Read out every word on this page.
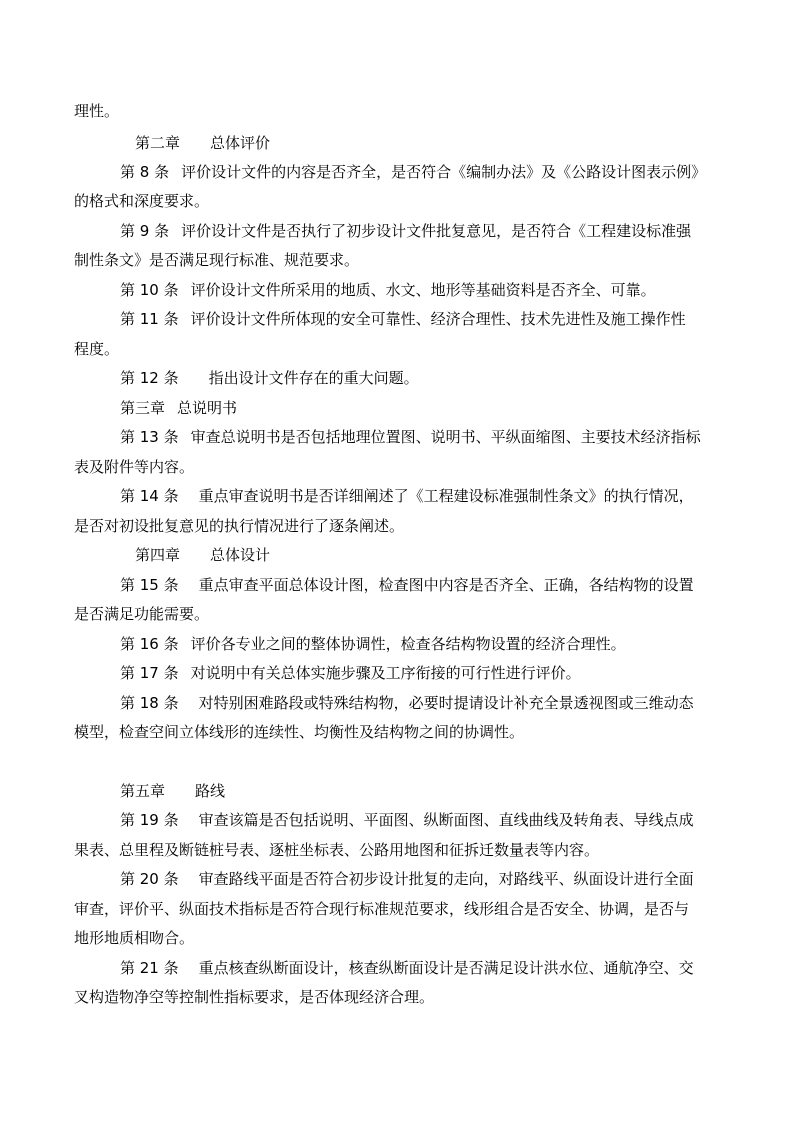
理性。
第二章 总体评价
第 8 条 评价设计文件的内容是否齐全，是否符合《编制办法》及《公路设计图表示例》
的格式和深度要求。
第 9 条 评价设计文件是否执行了初步设计文件批复意见，是否符合《工程建设标准强
制性条文》是否满足现行标准、规范要求。
第 10 条 评价设计文件所采用的地质、水文、地形等基础资料是否齐全、可靠。
第 11 条 评价设计文件所体现的安全可靠性、经济合理性、技术先进性及施工操作性
程度。
第 12 条 指出设计文件存在的重大问题。
第三章 总说明书
第 13 条 审查总说明书是否包括地理位置图、说明书、平纵面缩图、主要技术经济指标
表及附件等内容。
第 14 条 重点审查说明书是否详细阐述了《工程建设标准强制性条文》的执行情况，
是否对初设批复意见的执行情况进行了逐条阐述。
第四章 总体设计
第 15 条 重点审查平面总体设计图，检查图中内容是否齐全、正确，各结构物的设置
是否满足功能需要。
第 16 条 评价各专业之间的整体协调性，检查各结构物设置的经济合理性。
第 17 条 对说明中有关总体实施步骤及工序衔接的可行性进行评价。
第 18 条 对特别困难路段或特殊结构物，必要时提请设计补充全景透视图或三维动态
模型，检查空间立体线形的连续性、均衡性及结构物之间的协调性。
第五章 路线
第 19 条 审查该篇是否包括说明、平面图、纵断面图、直线曲线及转角表、导线点成
果表、总里程及断链桩号表、逐桩坐标表、公路用地图和征拆迁数量表等内容。
第 20 条 审查路线平面是否符合初步设计批复的走向，对路线平、纵面设计进行全面
审查，评价平、纵面技术指标是否符合现行标准规范要求，线形组合是否安全、协调，是否与
地形地质相吻合。
第 21 条 重点核查纵断面设计，核查纵断面设计是否满足设计洪水位、通航净空、交
叉构造物净空等控制性指标要求，是否体现经济合理。
